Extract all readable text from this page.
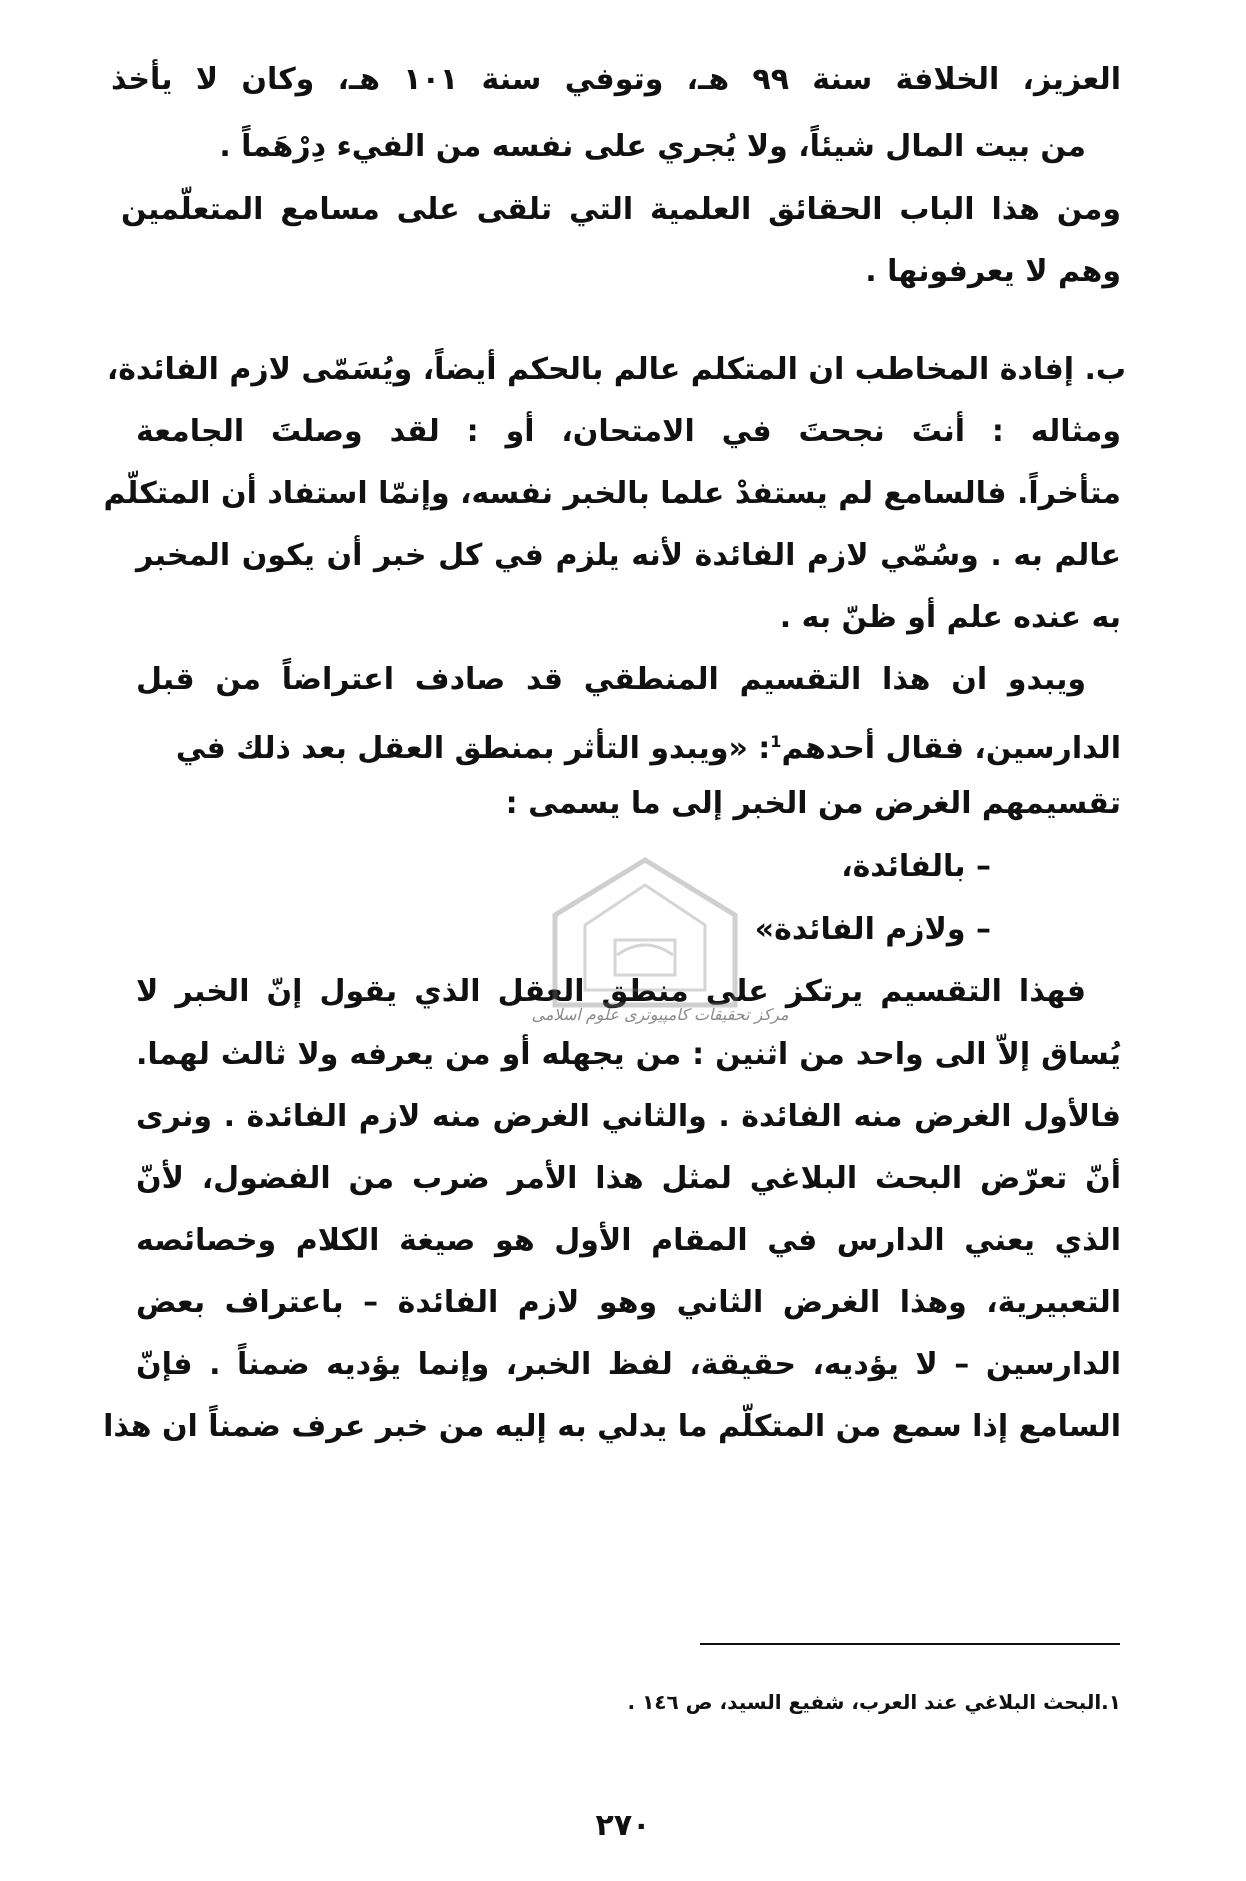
العزيز، الخلافة سنة ٩٩ هـ، وتوفي سنة ١٠١ هـ، وكان لا يأخذ
من بيت المال شيئاً، ولا يُجري على نفسه من الفيء دِرْهَماً .
ومن هذا الباب الحقائق العلمية التي تلقى على مسامع المتعلّمين
وهم لا يعرفونها .
ب. إفادة المخاطب ان المتكلم عالم بالحكم أيضاً، ويُسَمّى لازم الفائدة،
ومثاله : أنتَ نجحتَ في الامتحان، أو : لقد وصلتَ الجامعة
متأخراً. فالسامع لم يستفدْ علما بالخبر نفسه، وإنمّا استفاد أن المتكلّم
عالم به . وسُمّي لازم الفائدة لأنه يلزم في كل خبر أن يكون المخبر
به عنده علم أو ظنّ به .
ويبدو ان هذا التقسيم المنطقي قد صادف اعتراضاً من قبل
الدارسين، فقال أحدهم$^1$: «ويبدو التأثر بمنطق العقل بعد ذلك في
تقسيمهم الغرض من الخبر إلى ما يسمى :
– بالفائدة،
– ولازم الفائدة»
فهذا التقسيم يرتكز على منطق العقل الذي يقول إنّ الخبر لا
يُساق إلاّ الى واحد من اثنين : من يجهله أو من يعرفه ولا ثالث لهما.
فالأول الغرض منه الفائدة . والثاني الغرض منه لازم الفائدة . ونرى
أنّ تعرّض البحث البلاغي لمثل هذا الأمر ضرب من الفضول، لأنّ
الذي يعني الدارس في المقام الأول هو صيغة الكلام وخصائصه
التعبيرية، وهذا الغرض الثاني وهو لازم الفائدة – باعتراف بعض
الدارسين – لا يؤديه، حقيقة، لفظ الخبر، وإنما يؤديه ضمناً . فإنّ
السامع إذا سمع من المتكلّم ما يدلي به إليه من خبر عرف ضمناً ان هذا
مركز تحقیقات کامپیوتری علوم اسلامی
١.البحث البلاغي عند العرب، شفيع السيد، ص ١٤٦ .
٢٧٠
